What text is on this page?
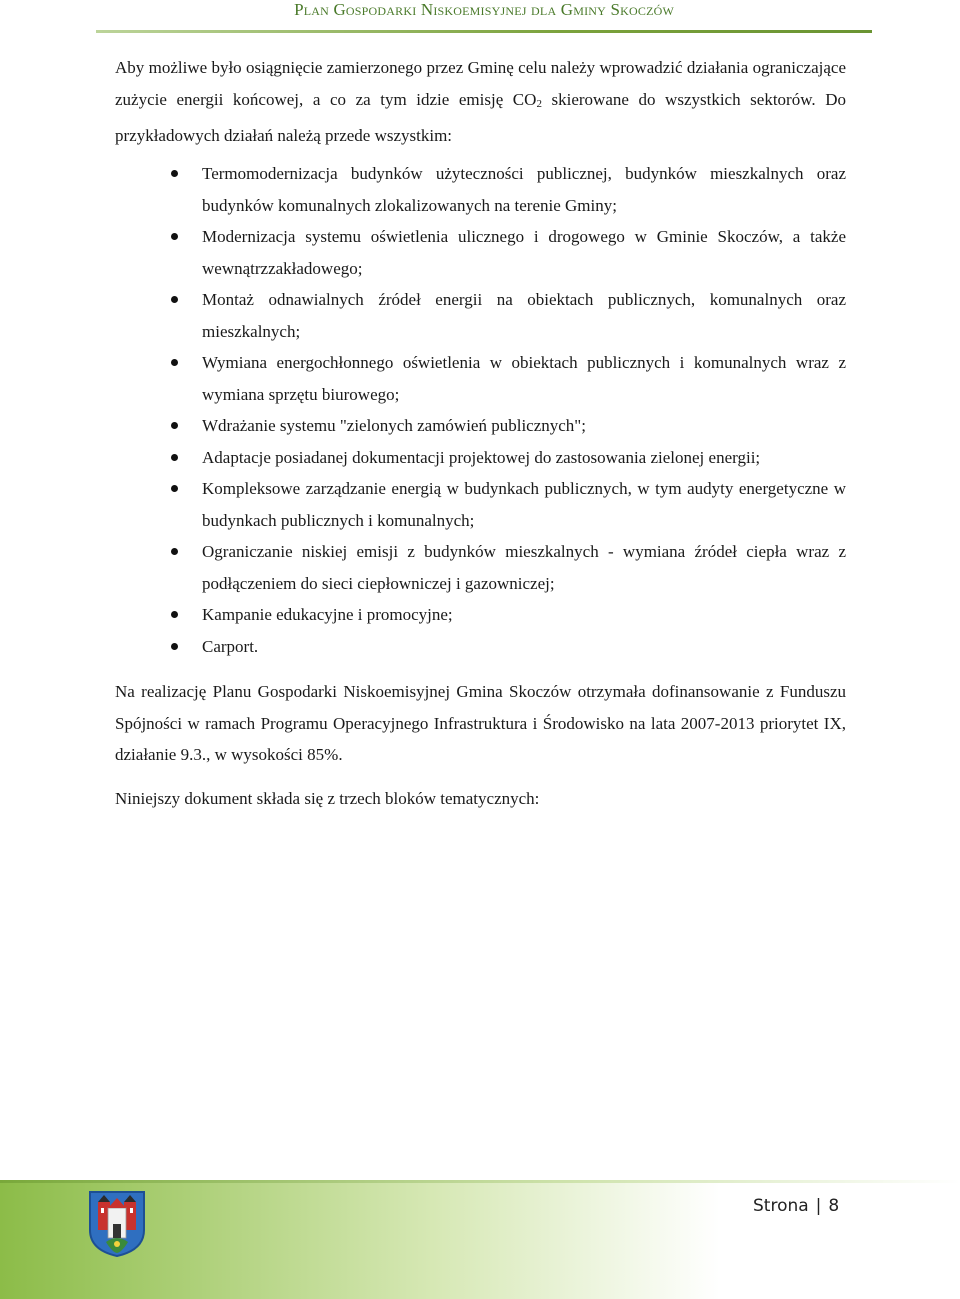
Plan Gospodarki Niskoemisyjnej dla Gminy Skoczów

Aby możliwe było osiągnięcie zamierzonego przez Gminę celu należy wprowadzić działania ograniczające zużycie energii końcowej, a co za tym idzie emisję $CO_2$ skierowane do wszystkich sektorów. Do przykładowych działań należą przede wszystkim:

Termomodernizacja budynków użyteczności publicznej, budynków mieszkalnych oraz budynków komunalnych zlokalizowanych na terenie Gminy;
Modernizacja systemu oświetlenia ulicznego i drogowego w Gminie Skoczów, a także wewnątrzzakładowego;
Montaż odnawialnych źródeł energii na obiektach publicznych, komunalnych oraz mieszkalnych;
Wymiana energochłonnego oświetlenia w obiektach publicznych i komunalnych wraz z wymiana sprzętu biurowego;
Wdrażanie systemu "zielonych zamówień publicznych";
Adaptacje posiadanej dokumentacji projektowej do zastosowania zielonej energii;
Kompleksowe zarządzanie energią w budynkach publicznych, w tym audyty energetyczne w budynkach publicznych i komunalnych;
Ograniczanie niskiej emisji z budynków mieszkalnych - wymiana źródeł ciepła wraz z podłączeniem do sieci ciepłowniczej i gazowniczej;
Kampanie edukacyjne i promocyjne;
Carport.

Na realizację Planu Gospodarki Niskoemisyjnej Gmina Skoczów otrzymała dofinansowanie z Funduszu Spójności w ramach Programu Operacyjnego Infrastruktura i Środowisko na lata 2007-2013 priorytet IX, działanie 9.3., w wysokości 85%.

Niniejszy dokument składa się z trzech bloków tematycznych:

Strona | 8
